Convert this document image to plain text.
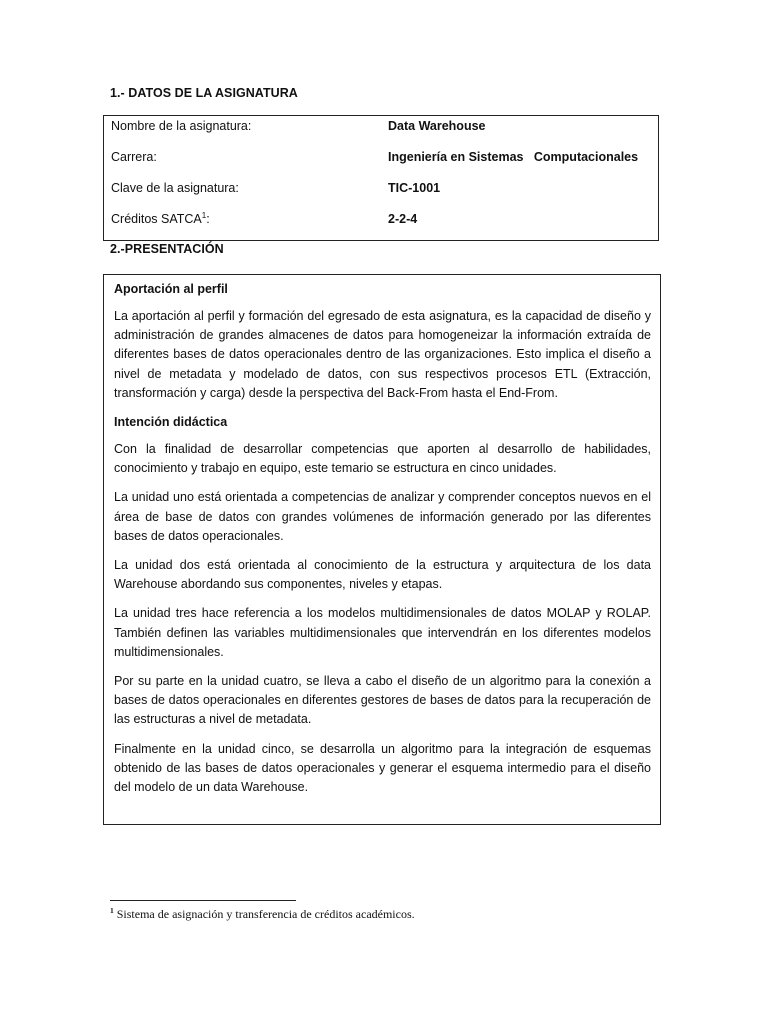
1.- DATOS DE LA ASIGNATURA
Nombre de la asignatura:	Data Warehouse
Carrera:	Ingeniería en Sistemas   Computacionales
Clave de la asignatura:	TIC-1001
Créditos SATCA$^1$:	2-2-4
2.-PRESENTACIÓN
Aportación al perfil

La aportación al perfil y formación del egresado de esta asignatura, es la capacidad de diseño y administración de grandes almacenes de datos para homogeneizar la información extraída de diferentes bases de datos operacionales dentro de las organizaciones. Esto implica el diseño a nivel de metadata y modelado de datos, con sus respectivos procesos ETL (Extracción, transformación y carga) desde la perspectiva del Back-From hasta el End-From.

Intención didáctica

Con la finalidad de desarrollar competencias que aporten al desarrollo de habilidades, conocimiento y trabajo en equipo, este temario se estructura en cinco unidades.

La unidad uno está orientada a competencias de analizar y comprender conceptos nuevos en el área de base de datos con grandes volúmenes de información generado por las diferentes bases de datos operacionales.

La unidad dos está orientada al conocimiento de la estructura y arquitectura de los data Warehouse abordando sus componentes, niveles y etapas.

La unidad tres hace referencia a los modelos multidimensionales de datos MOLAP y ROLAP. También definen las variables multidimensionales que intervendrán en los diferentes modelos multidimensionales.

Por su parte en la unidad cuatro, se lleva a cabo el diseño de un algoritmo para la conexión a bases de datos operacionales en diferentes gestores de bases de datos para la recuperación de las estructuras a nivel de metadata.

Finalmente en la unidad cinco, se desarrolla un algoritmo para la integración de esquemas obtenido de las bases de datos operacionales y generar el esquema intermedio para el diseño del modelo de un data Warehouse.

$^1$ Sistema de asignación y transferencia de créditos académicos.
